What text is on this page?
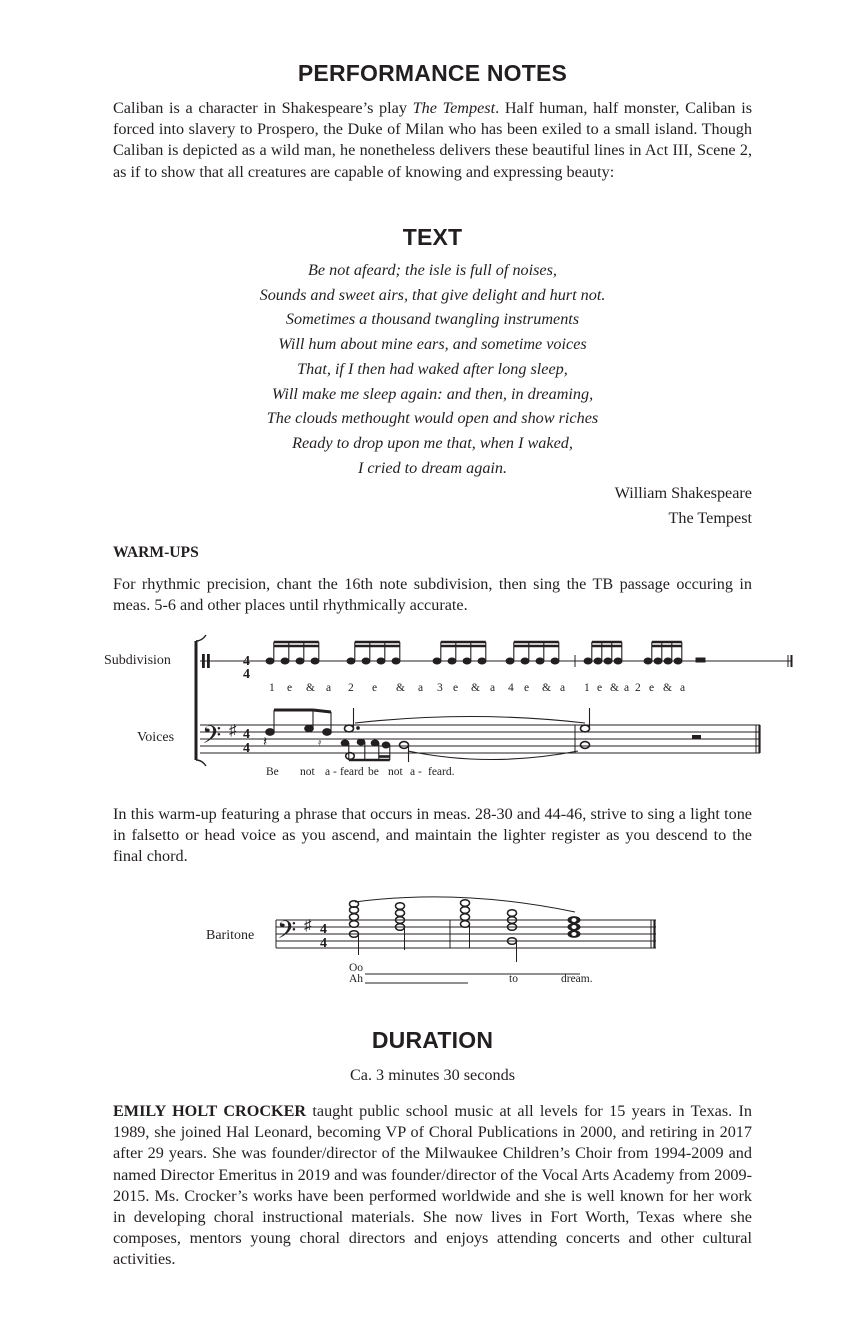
PERFORMANCE NOTES

Caliban is a character in Shakespeare’s play The Tempest. Half human, half monster, Caliban is forced into slavery to Prospero, the Duke of Milan who has been exiled to a small island. Though Caliban is depicted as a wild man, he nonetheless delivers these beautiful lines in Act III, Scene 2, as if to show that all creatures are capable of knowing and expressing beauty:

TEXT
Be not afeard; the isle is full of noises,
Sounds and sweet airs, that give delight and hurt not.
Sometimes a thousand twangling instruments
Will hum about mine ears, and sometime voices
That, if I then had waked after long sleep,
Will make me sleep again: and then, in dreaming,
The clouds methought would open and show riches
Ready to drop upon me that, when I waked,
I cried to dream again.
William Shakespeare
The Tempest
WARM-UPS

For rhythmic precision, chant the 16th note subdivision, then sing the TB passage occuring in meas. 5-6 and other places until rhythmically accurate.

In this warm-up featuring a phrase that occurs in meas. 28-30 and 44-46, strive to sing a light tone in falsetto or head voice as you ascend, and maintain the lighter register as you descend to the final chord.

DURATION
Ca. 3 minutes 30 seconds

EMILY HOLT CROCKER taught public school music at all levels for 15 years in Texas. In 1989, she joined Hal Leonard, becoming VP of Choral Publications in 2000, and retiring in 2017 after 29 years. She was founder/director of the Milwaukee Children’s Choir from 1994-2009 and named Director Emeritus in 2019 and was founder/director of the Vocal Arts Academy from 2009-2015. Ms. Crocker’s works have been performed worldwide and she is well known for her work in developing choral instructional materials. She now lives in Fort Worth, Texas where she composes, mentors young choral directors and enjoys attending concerts and other cultural activities.

4
4
4
4
𝄢 ♯
𝄽	𝄿
1 e & a 2 e & a 3 e & a 4 e & a 1 e & a 2 e & a
Be not a - feard be not a - feard.
Subdivision
Voices
𝄢 ♯ 4
4
Baritone
Oo
Ah	to	dream.
